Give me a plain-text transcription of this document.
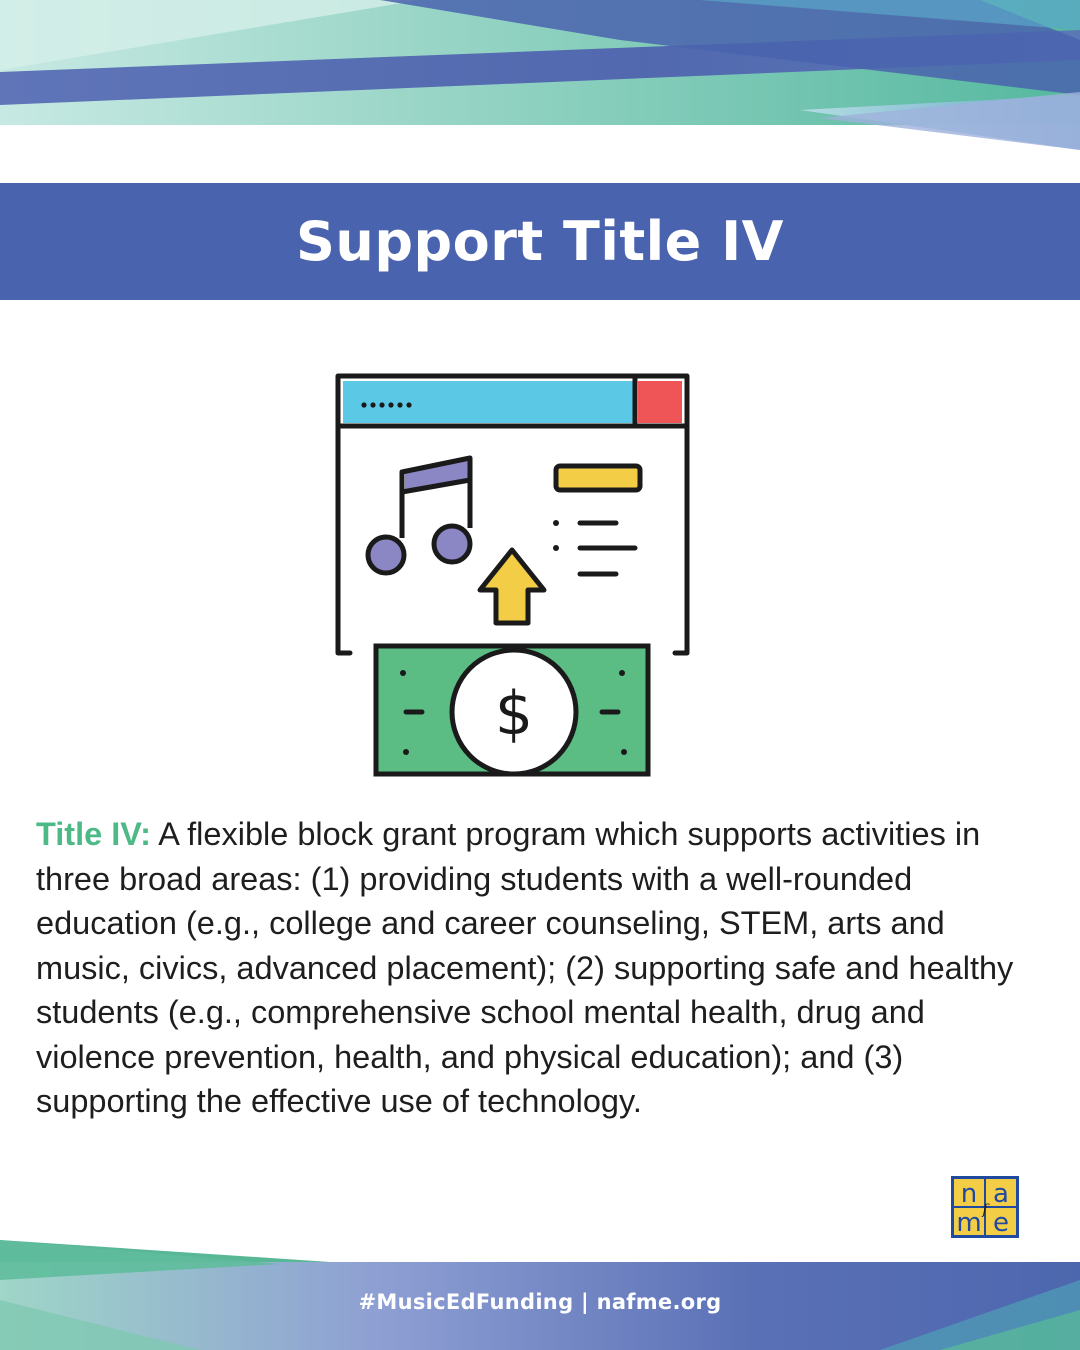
Support Title IV
$

Title IV: A flexible block grant program which supports activities in three broad areas: (1) providing students with a well-rounded education (e.g., college and career counseling, STEM, arts and music, civics, advanced placement); (2) supporting safe and healthy students (e.g., comprehensive school mental health, drug and violence prevention, health, and physical education); and (3) supporting the effective use of technology.

n a
m e
f
#MusicEdFunding | nafme.org
